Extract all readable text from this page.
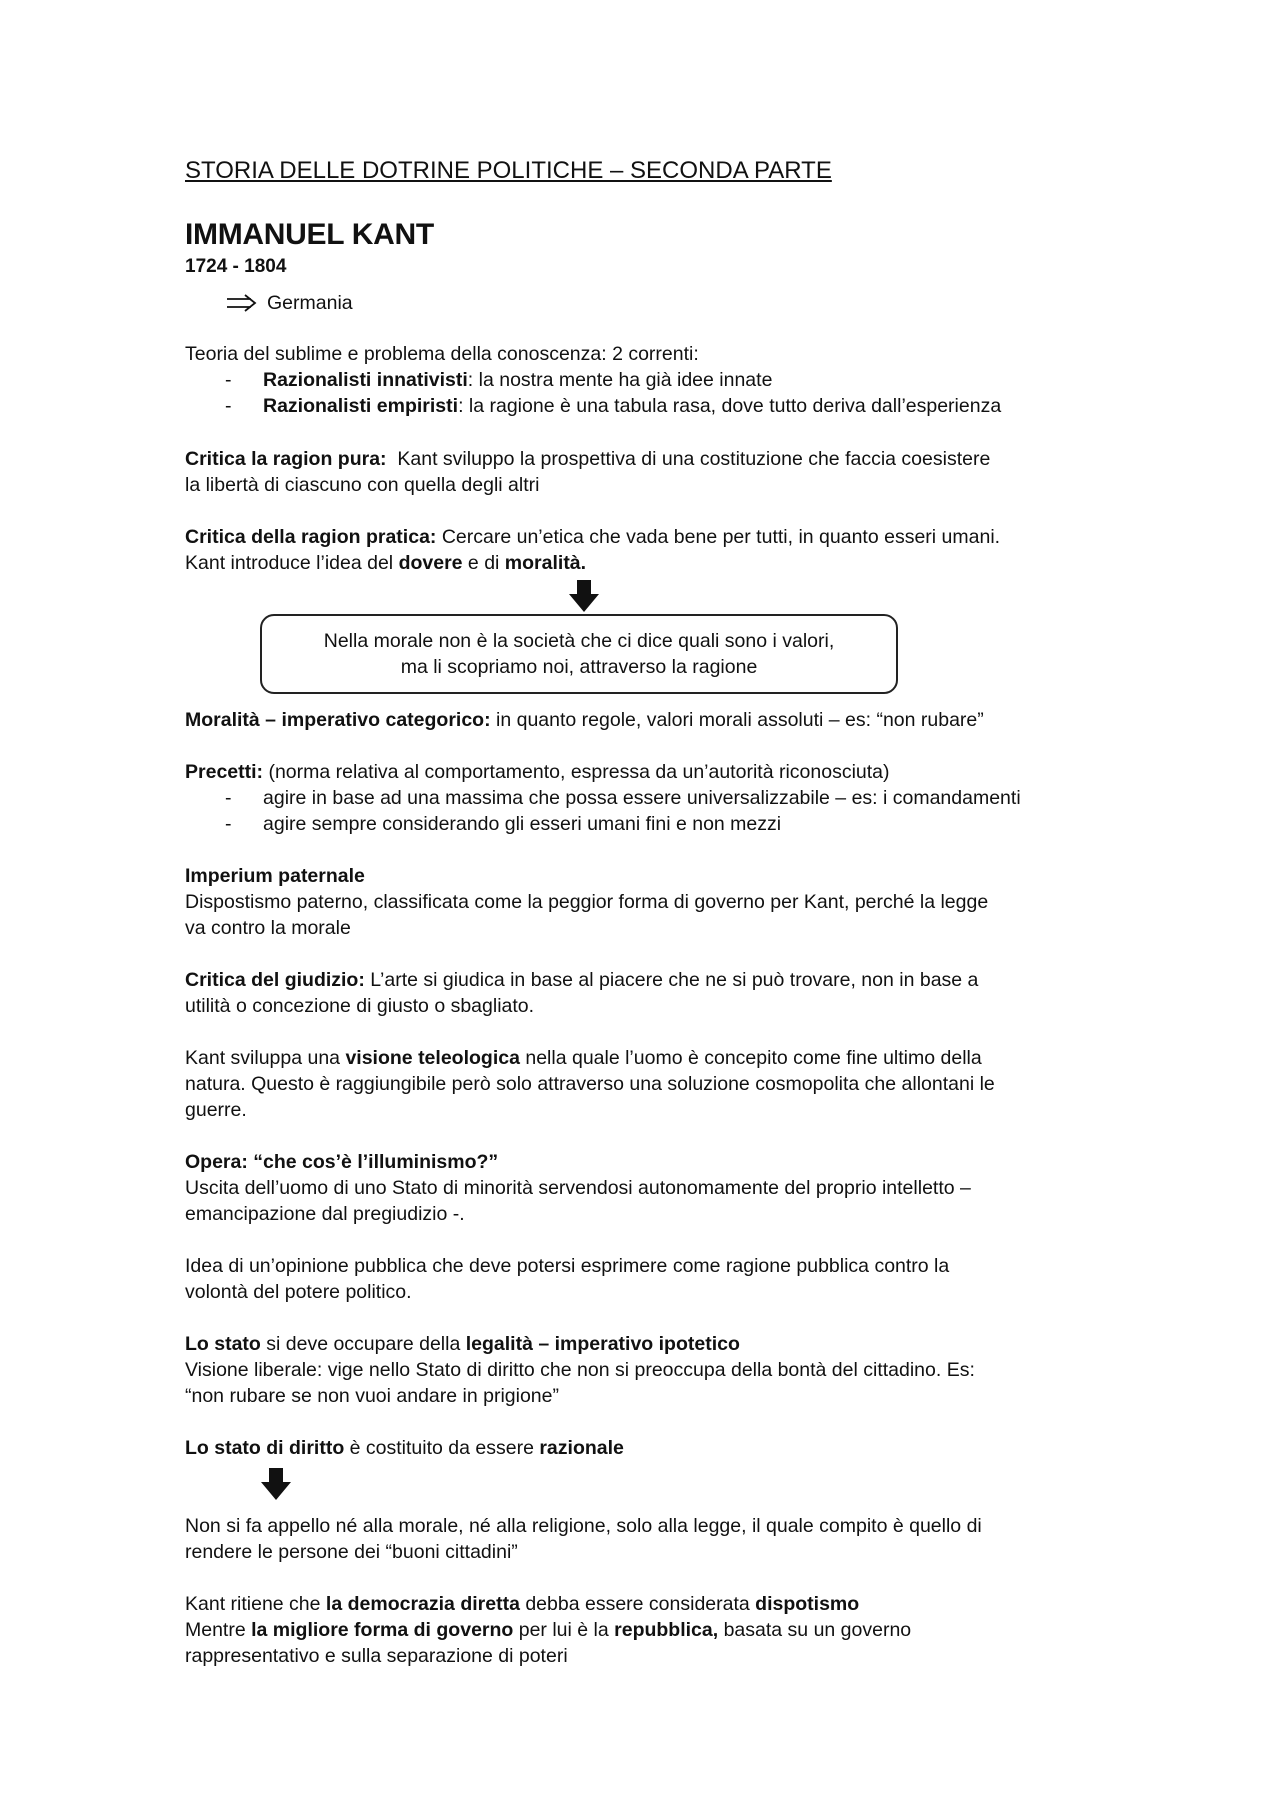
STORIA DELLE DOTRINE POLITICHE – SECONDA PARTE
IMMANUEL KANT
1724 - 1804
Germania
Teoria del sublime e problema della conoscenza: 2 correnti:
- Razionalisti innativisti: la nostra mente ha già idee innate
- Razionalisti empiristi: la ragione è una tabula rasa, dove tutto deriva dall’esperienza
Critica la ragion pura:  Kant sviluppo la prospettiva di una costituzione che faccia coesistere
la libertà di ciascuno con quella degli altri
Critica della ragion pratica: Cercare un’etica che vada bene per tutti, in quanto esseri umani.
Kant introduce l’idea del dovere e di moralità.
Nella morale non è la società che ci dice quali sono i valori,
ma li scopriamo noi, attraverso la ragione
Moralità – imperativo categorico: in quanto regole, valori morali assoluti – es: “non rubare”
Precetti: (norma relativa al comportamento, espressa da un’autorità riconosciuta)
- agire in base ad una massima che possa essere universalizzabile – es: i comandamenti
- agire sempre considerando gli esseri umani fini e non mezzi
Imperium paternale
Dispostismo paterno, classificata come la peggior forma di governo per Kant, perché la legge
va contro la morale
Critica del giudizio: L’arte si giudica in base al piacere che ne si può trovare, non in base a
utilità o concezione di giusto o sbagliato.
Kant sviluppa una visione teleologica nella quale l’uomo è concepito come fine ultimo della
natura. Questo è raggiungibile però solo attraverso una soluzione cosmopolita che allontani le
guerre.
Opera: “che cos’è l’illuminismo?”
Uscita dell’uomo di uno Stato di minorità servendosi autonomamente del proprio intelletto –
emancipazione dal pregiudizio -.
Idea di un’opinione pubblica che deve potersi esprimere come ragione pubblica contro la
volontà del potere politico.
Lo stato si deve occupare della legalità – imperativo ipotetico
Visione liberale: vige nello Stato di diritto che non si preoccupa della bontà del cittadino. Es:
“non rubare se non vuoi andare in prigione”
Lo stato di diritto è costituito da essere razionale
Non si fa appello né alla morale, né alla religione, solo alla legge, il quale compito è quello di
rendere le persone dei “buoni cittadini”
Kant ritiene che la democrazia diretta debba essere considerata dispotismo
Mentre la migliore forma di governo per lui è la repubblica, basata su un governo
rappresentativo e sulla separazione di poteri
